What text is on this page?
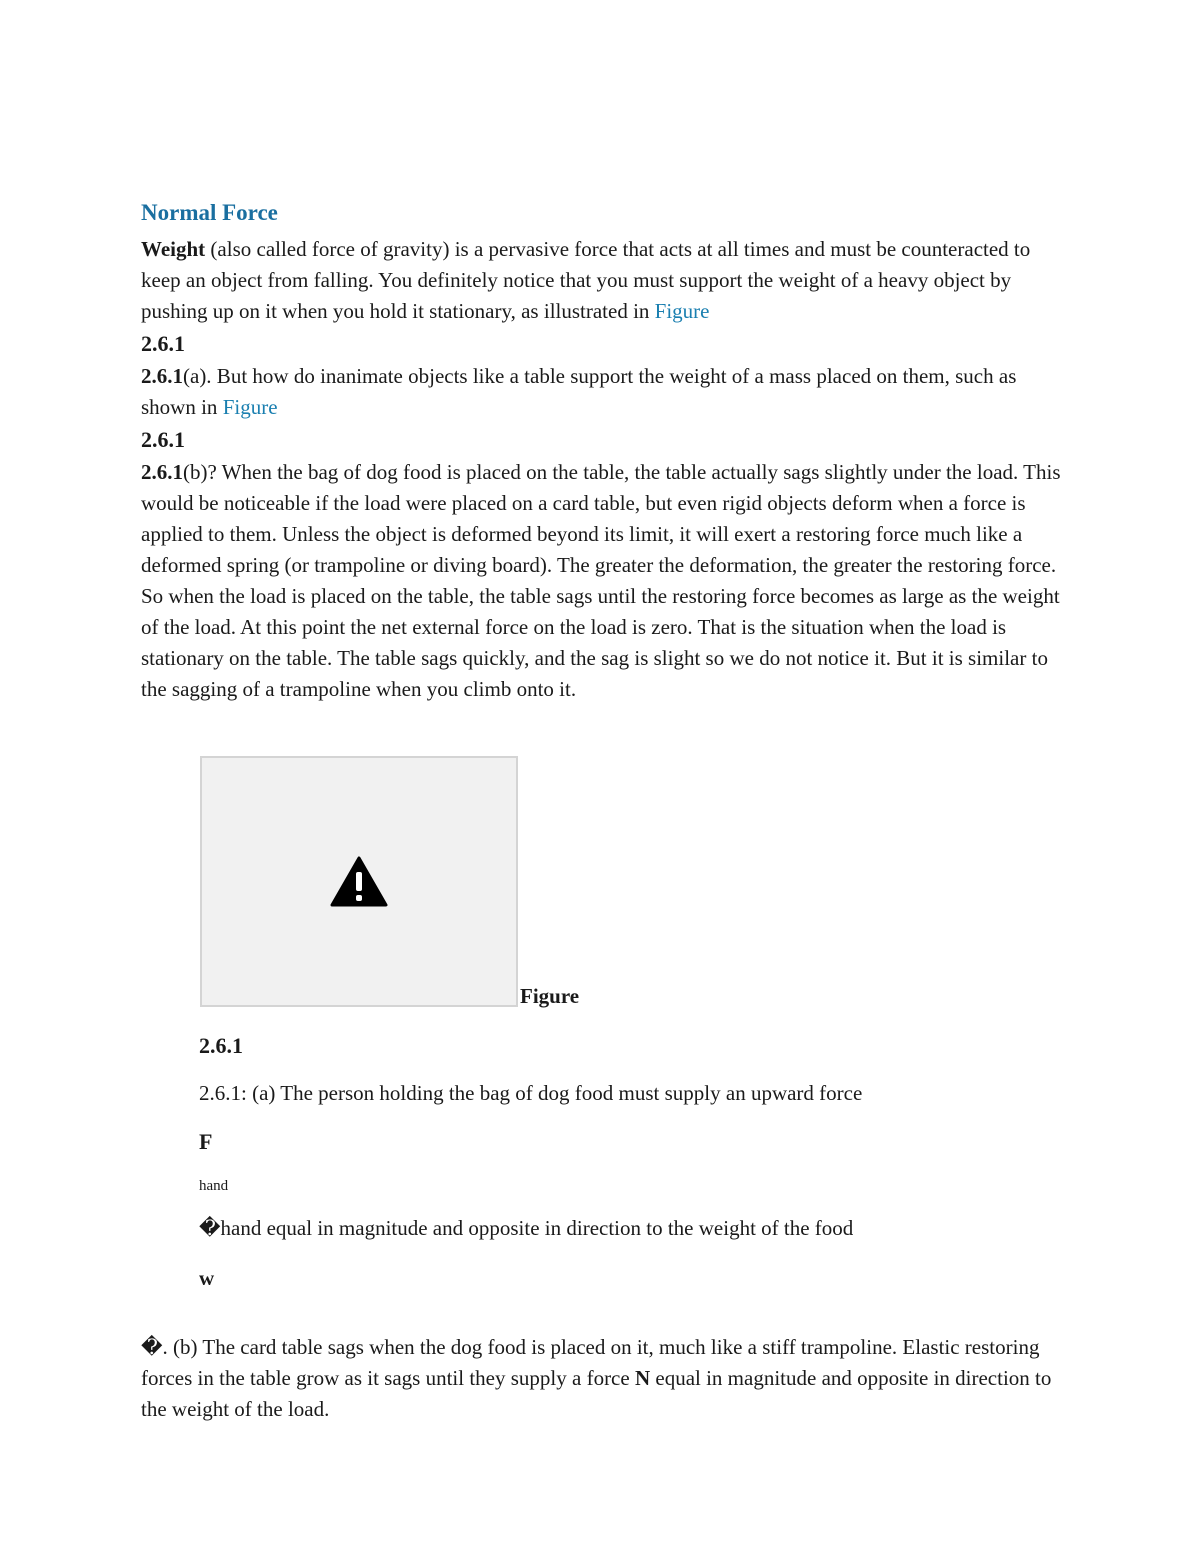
Normal Force

Weight (also called force of gravity) is a pervasive force that acts at all times and must be counteracted to keep an object from falling. You definitely notice that you must support the weight of a heavy object by pushing up on it when you hold it stationary, as illustrated in Figure

2.6.1

2.6.1(a). But how do inanimate objects like a table support the weight of a mass placed on them, such as shown in Figure

2.6.1

2.6.1(b)? When the bag of dog food is placed on the table, the table actually sags slightly under the load. This would be noticeable if the load were placed on a card table, but even rigid objects deform when a force is applied to them. Unless the object is deformed beyond its limit, it will exert a restoring force much like a deformed spring (or trampoline or diving board). The greater the deformation, the greater the restoring force. So when the load is placed on the table, the table sags until the restoring force becomes as large as the weight of the load. At this point the net external force on the load is zero. That is the situation when the load is stationary on the table. The table sags quickly, and the sag is slight so we do not notice it. But it is similar to the sagging of a trampoline when you climb onto it.

Figure
2.6.1
2.6.1: (a) The person holding the bag of dog food must supply an upward force
F
hand
�hand equal in magnitude and opposite in direction to the weight of the food
w

�. (b) The card table sags when the dog food is placed on it, much like a stiff trampoline. Elastic restoring forces in the table grow as it sags until they supply a force N equal in magnitude and opposite in direction to the weight of the load.
